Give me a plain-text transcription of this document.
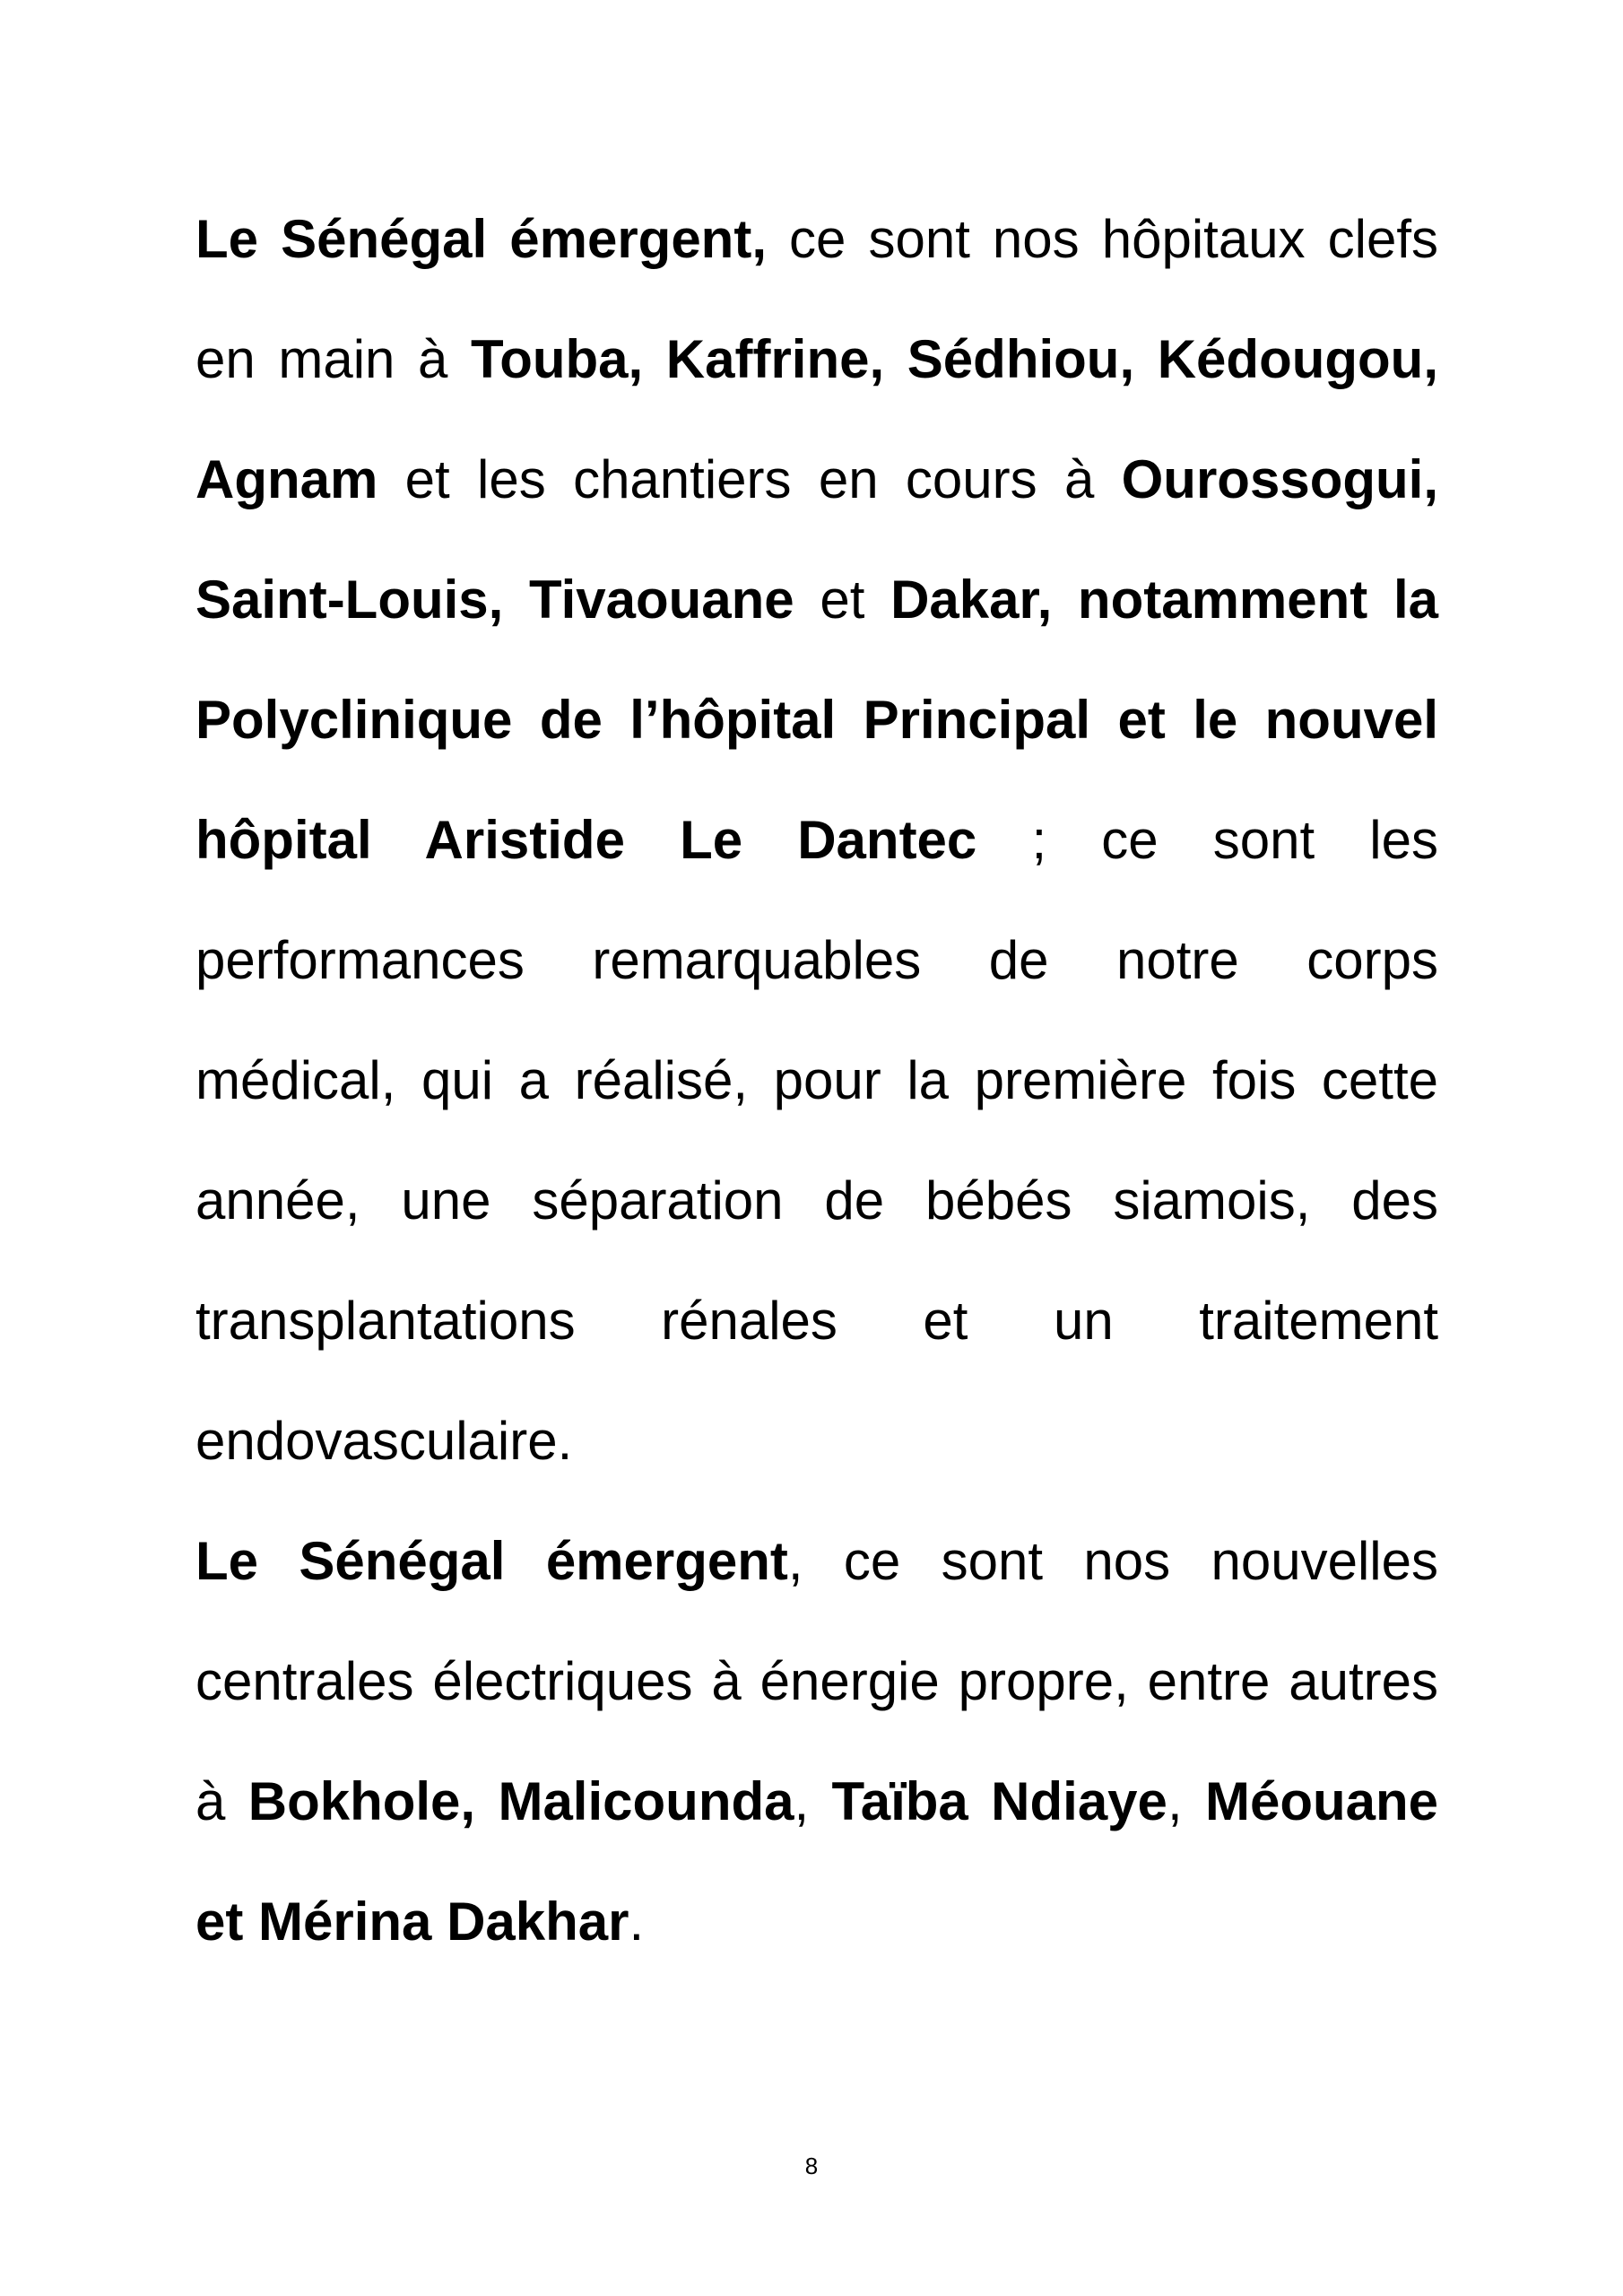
Le Sénégal émergent, ce sont nos hôpitaux clefs en main à Touba, Kaffrine, Sédhiou, Kédougou, Agnam et les chantiers en cours à Ourossogui, Saint-Louis, Tivaouane et Dakar, notamment la Polyclinique de l’hôpital Principal et le nouvel hôpital Aristide Le Dantec ; ce sont les performances remarquables de notre corps médical, qui a réalisé, pour la première fois cette année, une séparation de bébés siamois, des transplantations rénales et un traitement endovasculaire.

Le Sénégal émergent, ce sont nos nouvelles centrales électriques à énergie propre, entre autres à Bokhole, Malicounda, Taïba Ndiaye, Méouane et Mérina Dakhar.

8
